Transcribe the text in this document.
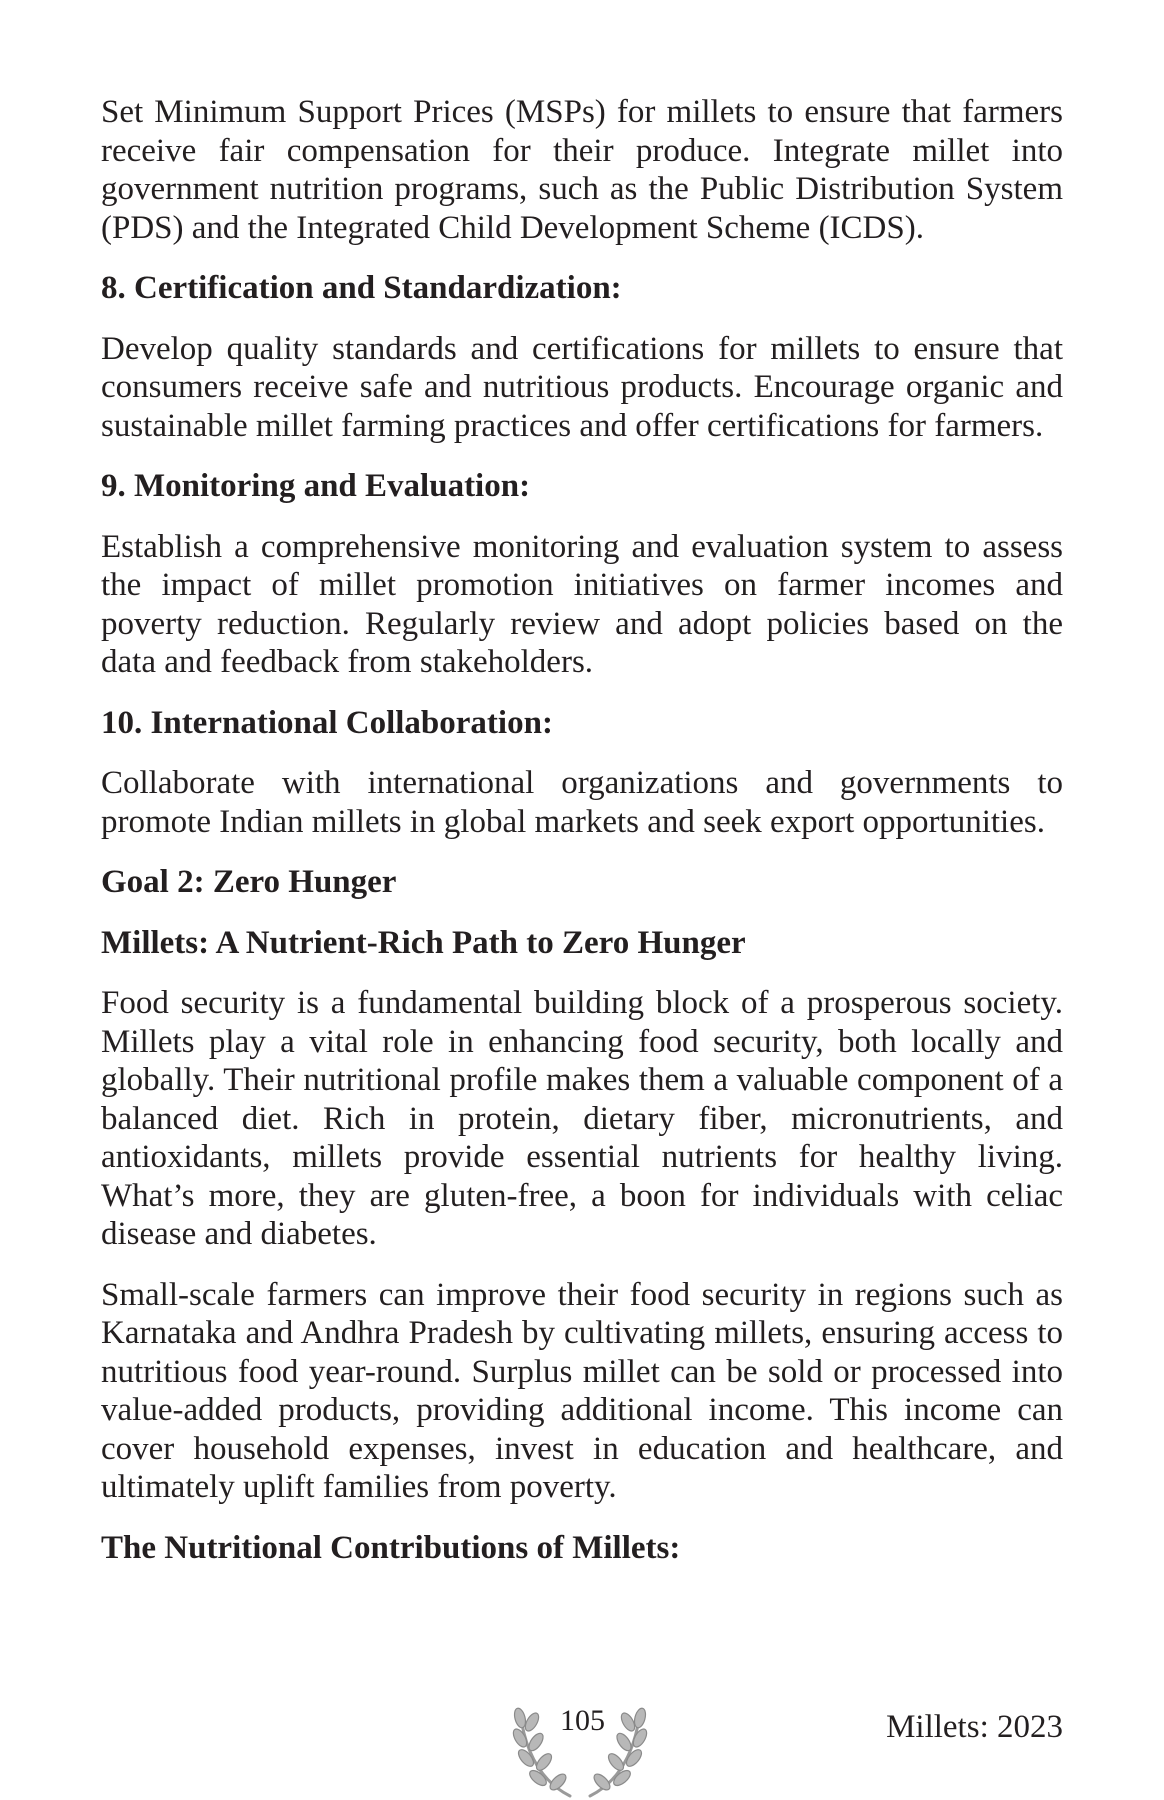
Set Minimum Support Prices (MSPs) for millets to ensure that farmers receive fair compensation for their produce. Integrate millet into government nutrition programs, such as the Public Distribution System (PDS) and the Integrated Child Development Scheme (ICDS).

8. Certification and Standardization:

Develop quality standards and certifications for millets to ensure that consumers receive safe and nutritious products. Encourage organic and sustainable millet farming practices and offer certifications for farmers.

9. Monitoring and Evaluation:

Establish a comprehensive monitoring and evaluation system to assess the impact of millet promotion initiatives on farmer incomes and poverty reduction. Regularly review and adopt policies based on the data and feedback from stakeholders.

10. International Collaboration:

Collaborate with international organizations and governments to promote Indian millets in global markets and seek export opportunities.

Goal 2: Zero Hunger
Millets: A Nutrient-Rich Path to Zero Hunger

Food security is a fundamental building block of a prosperous society. Millets play a vital role in enhancing food security, both locally and globally. Their nutritional profile makes them a valuable component of a balanced diet. Rich in protein, dietary fiber, micronutrients, and antioxidants, millets provide essential nutrients for healthy living. What’s more, they are gluten-free, a boon for individuals with celiac disease and diabetes.

Small-scale farmers can improve their food security in regions such as Karnataka and Andhra Pradesh by cultivating millets, ensuring access to nutritious food year-round. Surplus millet can be sold or processed into value-added products, providing additional income. This income can cover household expenses, invest in education and healthcare, and ultimately uplift families from poverty.

The Nutritional Contributions of Millets:
105	Millets: 2023
